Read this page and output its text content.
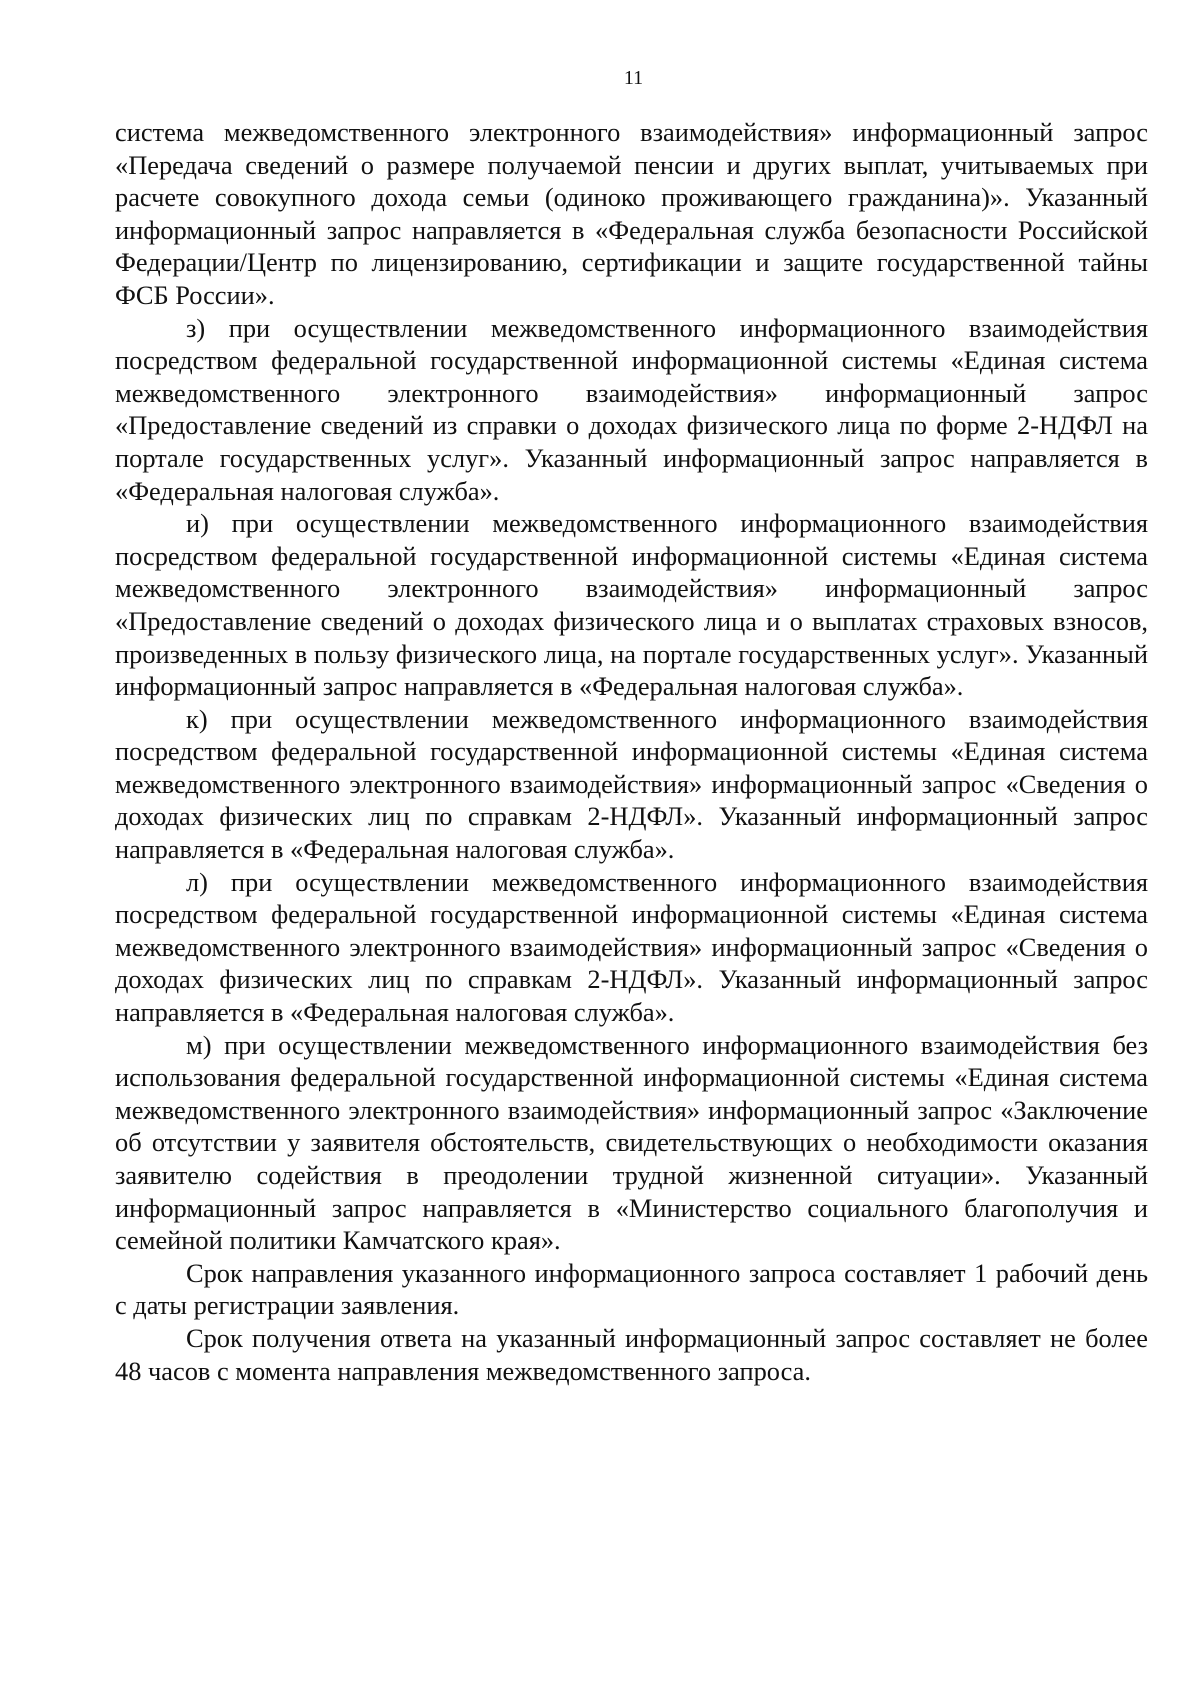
11

система межведомственного электронного взаимодействия» информационный запрос «Передача сведений о размере получаемой пенсии и других выплат, учитываемых при расчете совокупного дохода семьи (одиноко проживающего гражданина)». Указанный информационный запрос направляется в «Федеральная служба безопасности Российской Федерации/Центр по лицензированию, сертификации и защите государственной тайны ФСБ России».

з) при осуществлении межведомственного информационного взаимодействия посредством федеральной государственной информационной системы «Единая система межведомственного электронного взаимодействия» информационный запрос «Предоставление сведений из справки о доходах физического лица по форме 2-НДФЛ на портале государственных услуг». Указанный информационный запрос направляется в «Федеральная налоговая служба».

и) при осуществлении межведомственного информационного взаимодействия посредством федеральной государственной информационной системы «Единая система межведомственного электронного взаимодействия» информационный запрос «Предоставление сведений о доходах физического лица и о выплатах страховых взносов, произведенных в пользу физического лица, на портале государственных услуг». Указанный информационный запрос направляется в «Федеральная налоговая служба».

к) при осуществлении межведомственного информационного взаимодействия посредством федеральной государственной информационной системы «Единая система межведомственного электронного взаимодействия» информационный запрос «Сведения о доходах физических лиц по справкам 2-НДФЛ». Указанный информационный запрос направляется в «Федеральная налоговая служба».

л) при осуществлении межведомственного информационного взаимодействия посредством федеральной государственной информационной системы «Единая система межведомственного электронного взаимодействия» информационный запрос «Сведения о доходах физических лиц по справкам 2-НДФЛ». Указанный информационный запрос направляется в «Федеральная налоговая служба».

м) при осуществлении межведомственного информационного взаимодействия без использования федеральной государственной информационной системы «Единая система межведомственного электронного взаимодействия» информационный запрос «Заключение об отсутствии у заявителя обстоятельств, свидетельствующих о необходимости оказания заявителю содействия в преодолении трудной жизненной ситуации». Указанный информационный запрос направляется в «Министерство социального благополучия и семейной политики Камчатского края».

Срок направления указанного информационного запроса составляет 1 рабочий день с даты регистрации заявления.

Срок получения ответа на указанный информационный запрос составляет не более 48 часов с момента направления межведомственного запроса.
